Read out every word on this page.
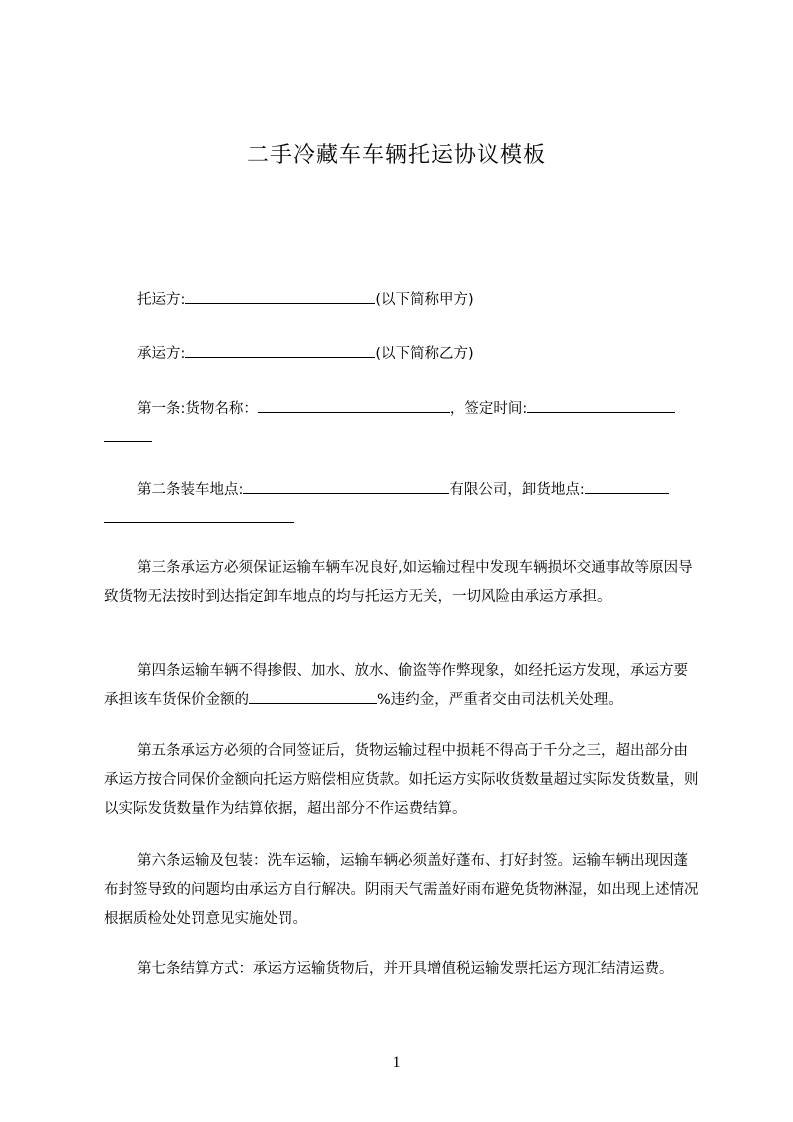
二手冷藏车车辆托运协议模板
托运方:	(以下简称甲方)
承运方:	(以下简称乙方)
第一条:货物名称：	，签定时间:
第二条装车地点:	有限公司，卸货地点:
第三条承运方必须保证运输车辆车况良好,如运输过程中发现车辆损坏交通事故等原因导致货物无法按时到达指定卸车地点的均与托运方无关，一切风险由承运方承担。
第四条运输车辆不得掺假、加水、放水、偷盗等作弊现象，如经托运方发现，承运方要承担该车货保价金额的	%违约金，严重者交由司法机关处理。
第五条承运方必须的合同签证后，货物运输过程中损耗不得高于千分之三，超出部分由承运方按合同保价金额向托运方赔偿相应货款。如托运方实际收货数量超过实际发货数量，则以实际发货数量作为结算依据，超出部分不作运费结算。
第六条运输及包装：洗车运输，运输车辆必须盖好蓬布、打好封签。运输车辆出现因蓬布封签导致的问题均由承运方自行解决。阴雨天气需盖好雨布避免货物淋湿，如出现上述情况根据质检处处罚意见实施处罚。
第七条结算方式：承运方运输货物后，并开具增值税运输发票托运方现汇结清运费。
1
